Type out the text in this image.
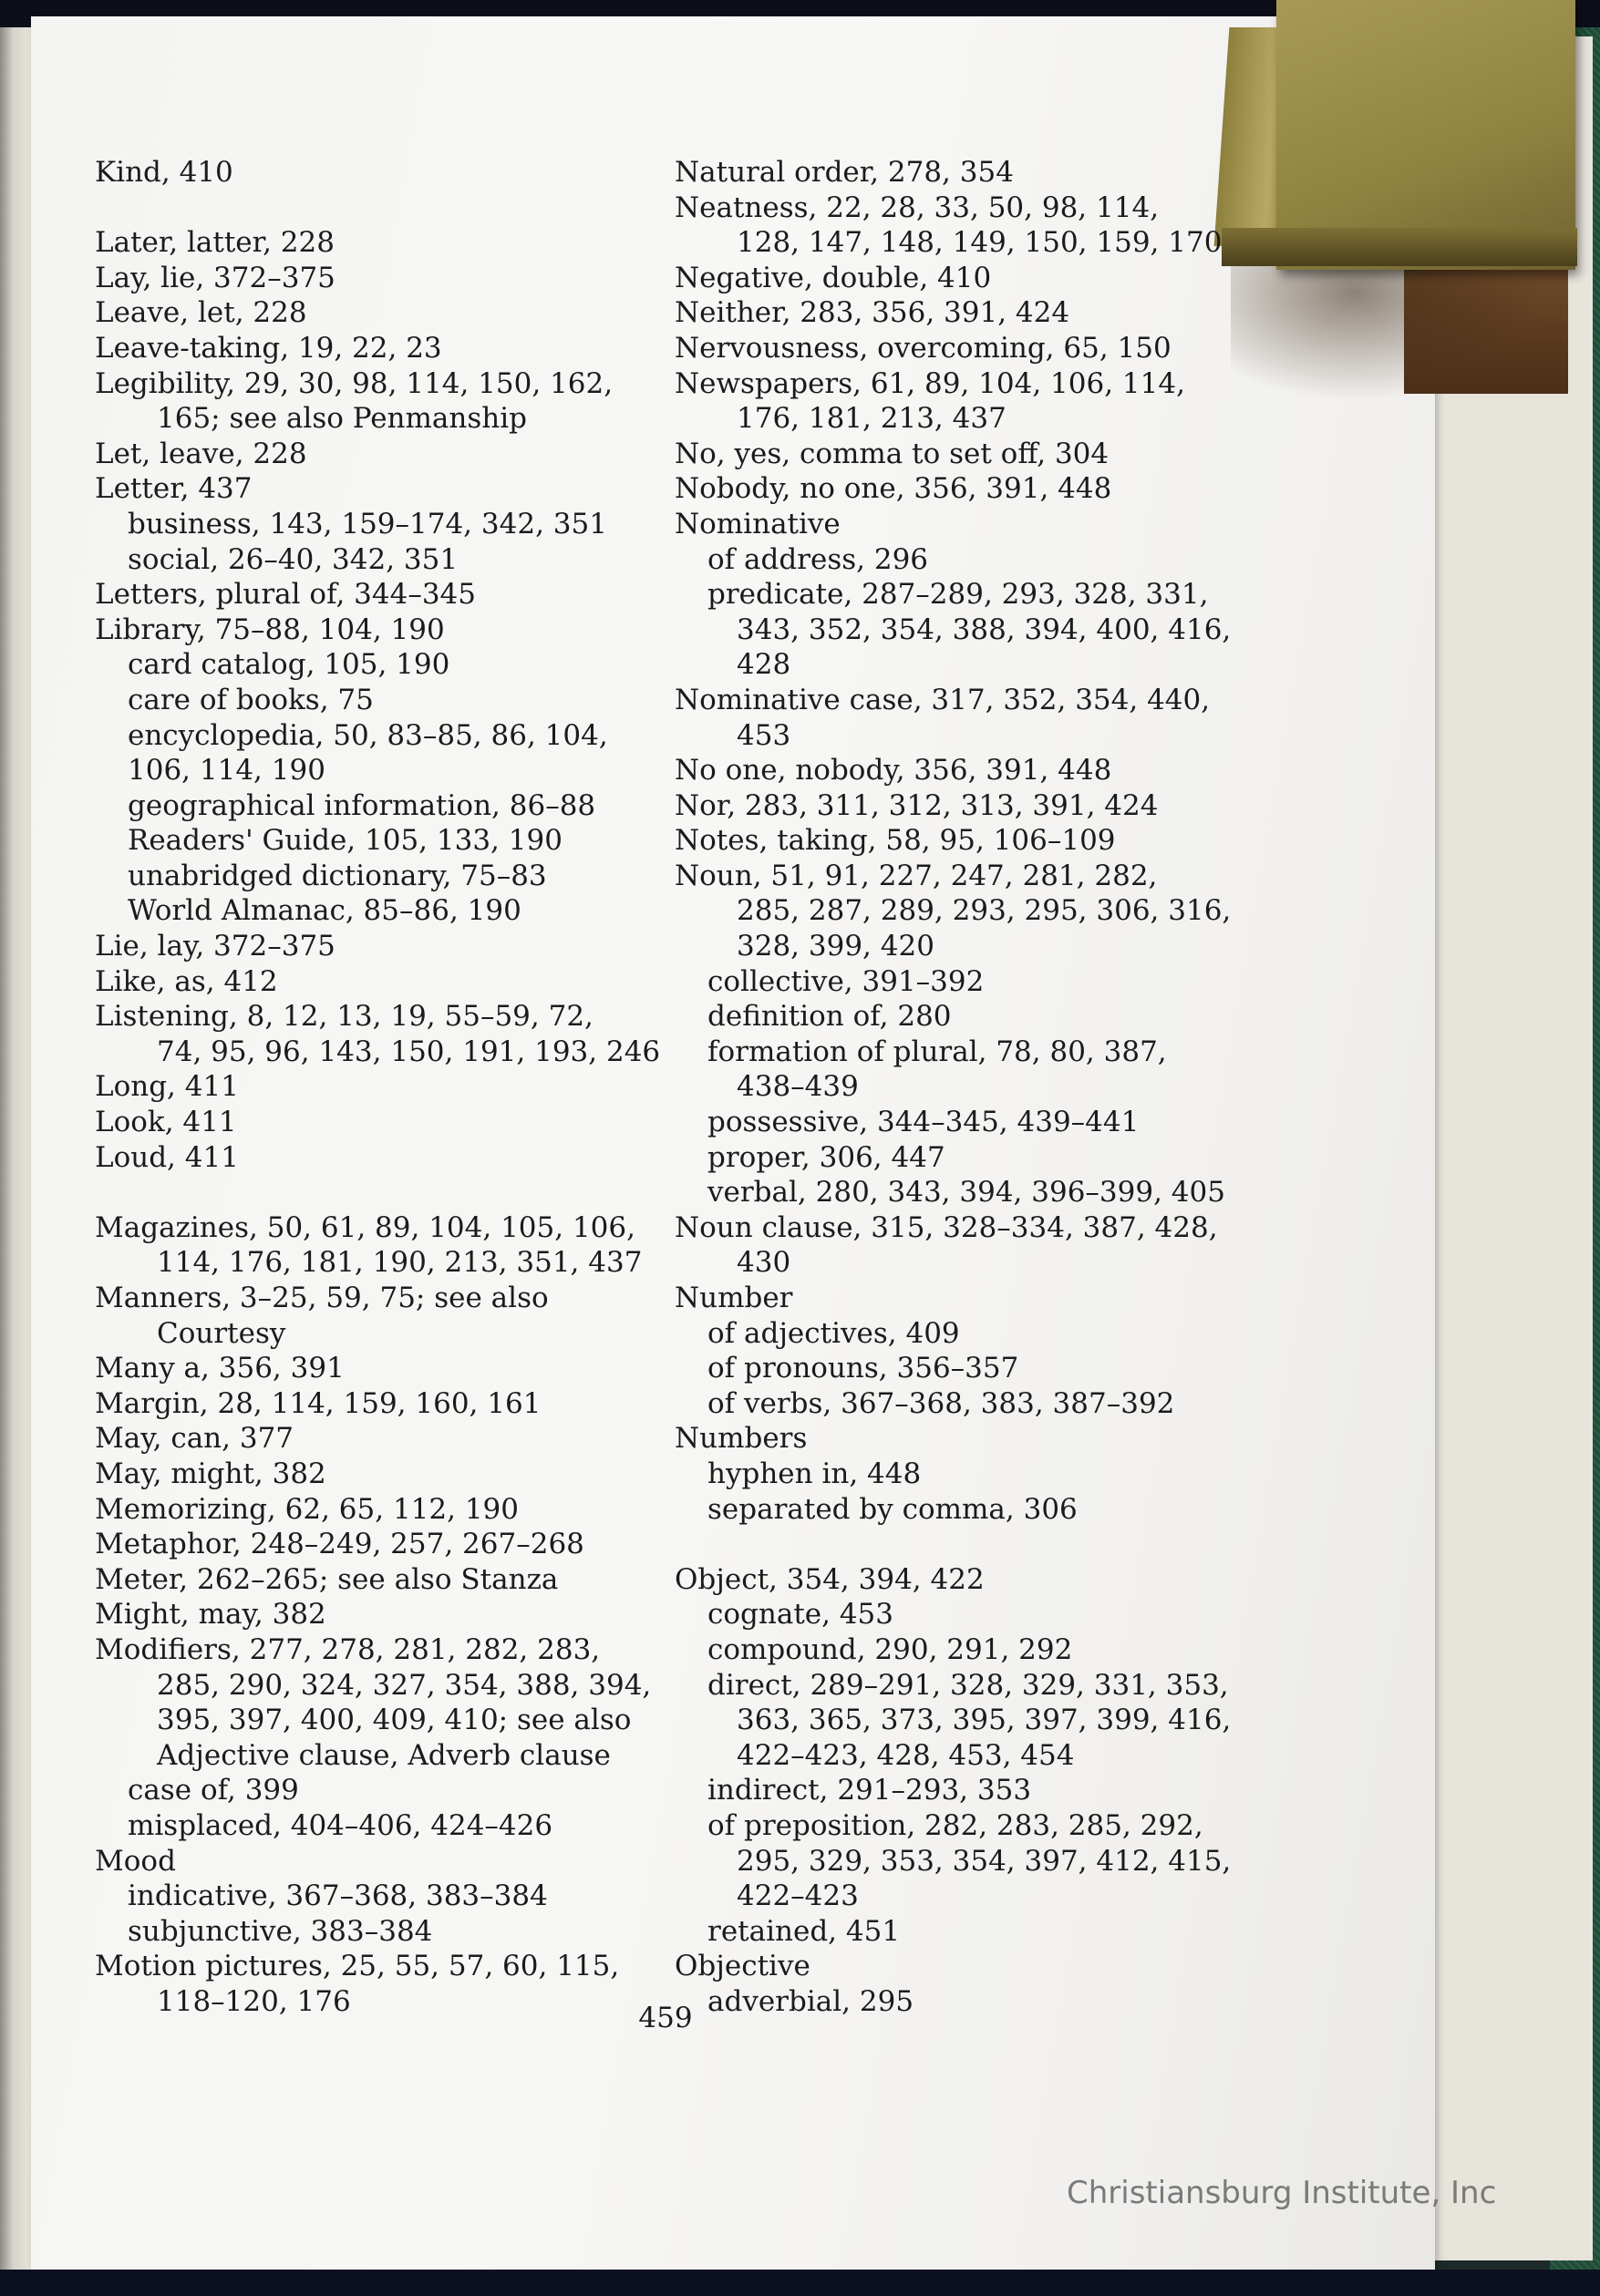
Kind, 410
Later, latter, 228
Lay, lie, 372–375
Leave, let, 228
Leave-taking, 19, 22, 23
Legibility, 29, 30, 98, 114, 150, 162,
165; see also Penmanship
Let, leave, 228
Letter, 437
business, 143, 159–174, 342, 351
social, 26–40, 342, 351
Letters, plural of, 344–345
Library, 75–88, 104, 190
card catalog, 105, 190
care of books, 75
encyclopedia, 50, 83–85, 86, 104,
106, 114, 190
geographical information, 86–88
Readers' Guide, 105, 133, 190
unabridged dictionary, 75–83
World Almanac, 85–86, 190
Lie, lay, 372–375
Like, as, 412
Listening, 8, 12, 13, 19, 55–59, 72,
74, 95, 96, 143, 150, 191, 193, 246
Long, 411
Look, 411
Loud, 411
Magazines, 50, 61, 89, 104, 105, 106,
114, 176, 181, 190, 213, 351, 437
Manners, 3–25, 59, 75; see also
Courtesy
Many a, 356, 391
Margin, 28, 114, 159, 160, 161
May, can, 377
May, might, 382
Memorizing, 62, 65, 112, 190
Metaphor, 248–249, 257, 267–268
Meter, 262–265; see also Stanza
Might, may, 382
Modifiers, 277, 278, 281, 282, 283,
285, 290, 324, 327, 354, 388, 394,
395, 397, 400, 409, 410; see also
Adjective clause, Adverb clause
case of, 399
misplaced, 404–406, 424–426
Mood
indicative, 367–368, 383–384
subjunctive, 383–384
Motion pictures, 25, 55, 57, 60, 115,
118–120, 176
Natural order, 278, 354
Neatness, 22, 28, 33, 50, 98, 114,
128, 147, 148, 149, 150, 159, 170
Negative, double, 410
Neither, 283, 356, 391, 424
Nervousness, overcoming, 65, 150
Newspapers, 61, 89, 104, 106, 114,
176, 181, 213, 437
No, yes, comma to set off, 304
Nobody, no one, 356, 391, 448
Nominative
of address, 296
predicate, 287–289, 293, 328, 331,
343, 352, 354, 388, 394, 400, 416,
428
Nominative case, 317, 352, 354, 440,
453
No one, nobody, 356, 391, 448
Nor, 283, 311, 312, 313, 391, 424
Notes, taking, 58, 95, 106–109
Noun, 51, 91, 227, 247, 281, 282,
285, 287, 289, 293, 295, 306, 316,
328, 399, 420
collective, 391–392
definition of, 280
formation of plural, 78, 80, 387,
438–439
possessive, 344–345, 439–441
proper, 306, 447
verbal, 280, 343, 394, 396–399, 405
Noun clause, 315, 328–334, 387, 428,
430
Number
of adjectives, 409
of pronouns, 356–357
of verbs, 367–368, 383, 387–392
Numbers
hyphen in, 448
separated by comma, 306
Object, 354, 394, 422
cognate, 453
compound, 290, 291, 292
direct, 289–291, 328, 329, 331, 353,
363, 365, 373, 395, 397, 399, 416,
422–423, 428, 453, 454
indirect, 291–293, 353
of preposition, 282, 283, 285, 292,
295, 329, 353, 354, 397, 412, 415,
422–423
retained, 451
Objective
adverbial, 295
459
Christiansburg Institute, Inc
